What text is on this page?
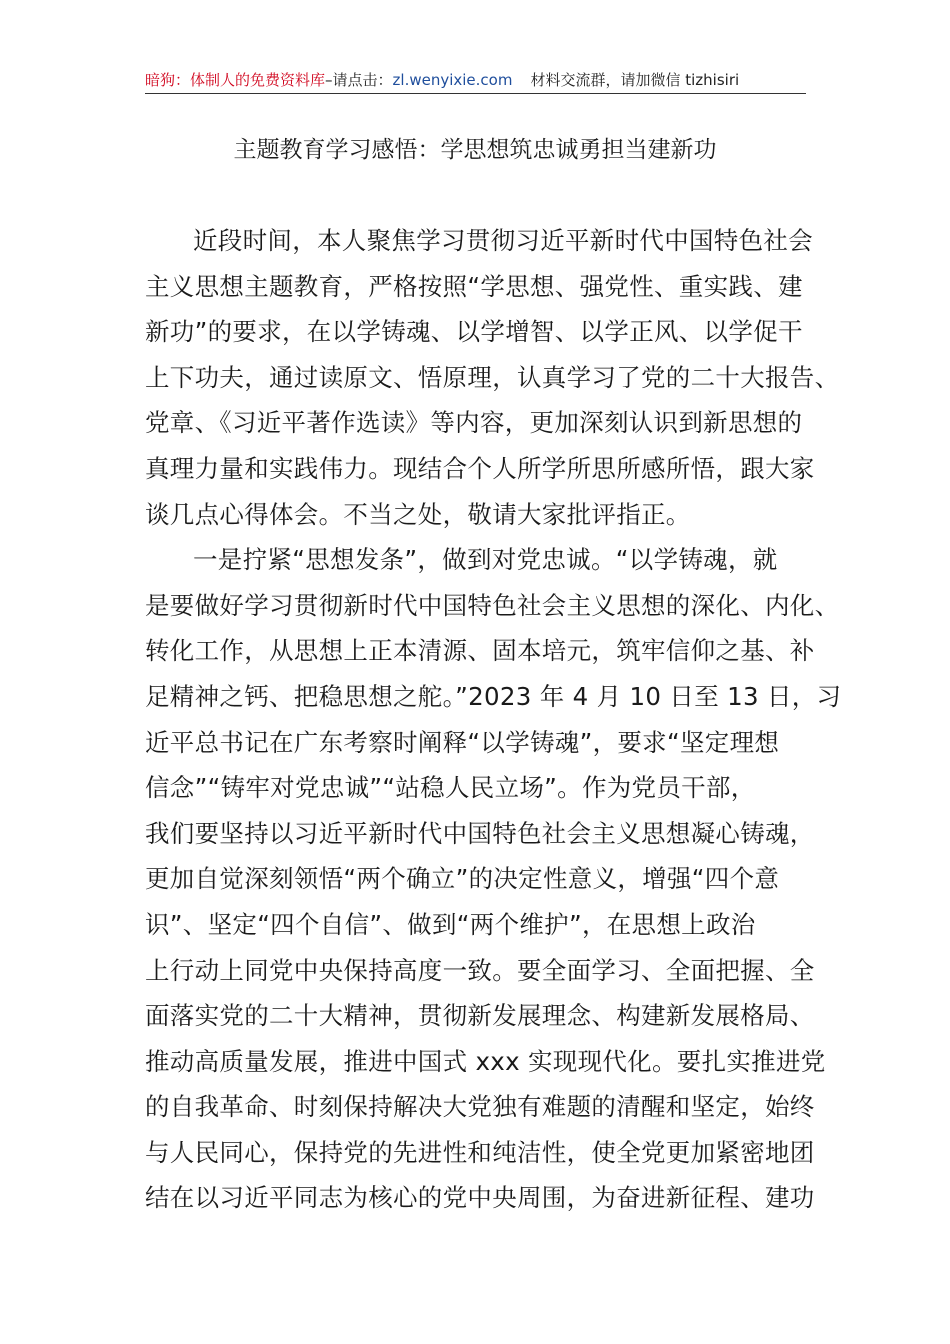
暗狗：体制人的免费资料库–请点击：zl.wenyixie.com 材料交流群，请加微信 tizhisiri
主题教育学习感悟：学思想筑忠诚勇担当建新功
近段时间，本人聚焦学习贯彻习近平新时代中国特色社会
主义思想主题教育，严格按照“学思想、强党性、重实践、建
新功”的要求，在以学铸魂、以学增智、以学正风、以学促干
上下功夫，通过读原文、悟原理，认真学习了党的二十大报告、
党章、《习近平著作选读》等内容，更加深刻认识到新思想的
真理力量和实践伟力。现结合个人所学所思所感所悟，跟大家
谈几点心得体会。不当之处，敬请大家批评指正。
一是拧紧“思想发条”，做到对党忠诚。“以学铸魂，就
是要做好学习贯彻新时代中国特色社会主义思想的深化、内化、
转化工作，从思想上正本清源、固本培元，筑牢信仰之基、补
足精神之钙、把稳思想之舵。”2023 年 4 月 10 日至 13 日，习
近平总书记在广东考察时阐释“以学铸魂”，要求“坚定理想
信念”“铸牢对党忠诚”“站稳人民立场”。作为党员干部，
我们要坚持以习近平新时代中国特色社会主义思想凝心铸魂，
更加自觉深刻领悟“两个确立”的决定性意义，增强“四个意
识”、坚定“四个自信”、做到“两个维护”，在思想上政治
上行动上同党中央保持高度一致。要全面学习、全面把握、全
面落实党的二十大精神，贯彻新发展理念、构建新发展格局、
推动高质量发展，推进中国式 xxx 实现现代化。要扎实推进党
的自我革命、时刻保持解决大党独有难题的清醒和坚定，始终
与人民同心，保持党的先进性和纯洁性，使全党更加紧密地团
结在以习近平同志为核心的党中央周围，为奋进新征程、建功
